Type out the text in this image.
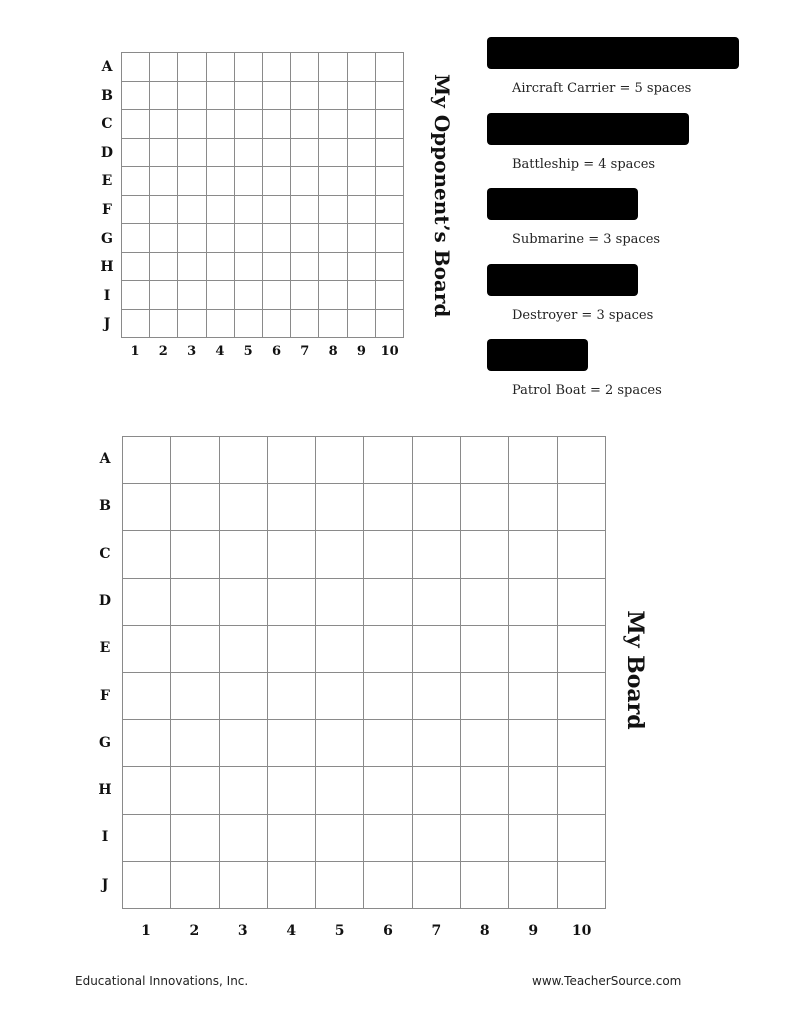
A
B
C
D
E
F
G
H
I
J
1	2	3	4	5	6	7	8	9	10
My Opponent’s Board	Aircraft Carrier = 5 spaces
Battleship = 4 spaces
Submarine = 3 spaces
Destroyer = 3 spaces
Patrol Boat = 2 spaces
A
B
C
D
E
F
G
H
I
J
1	2	3	4	5	6	7	8	9	10
My Board
Educational Innovations, Inc.	www.TeacherSource.com
